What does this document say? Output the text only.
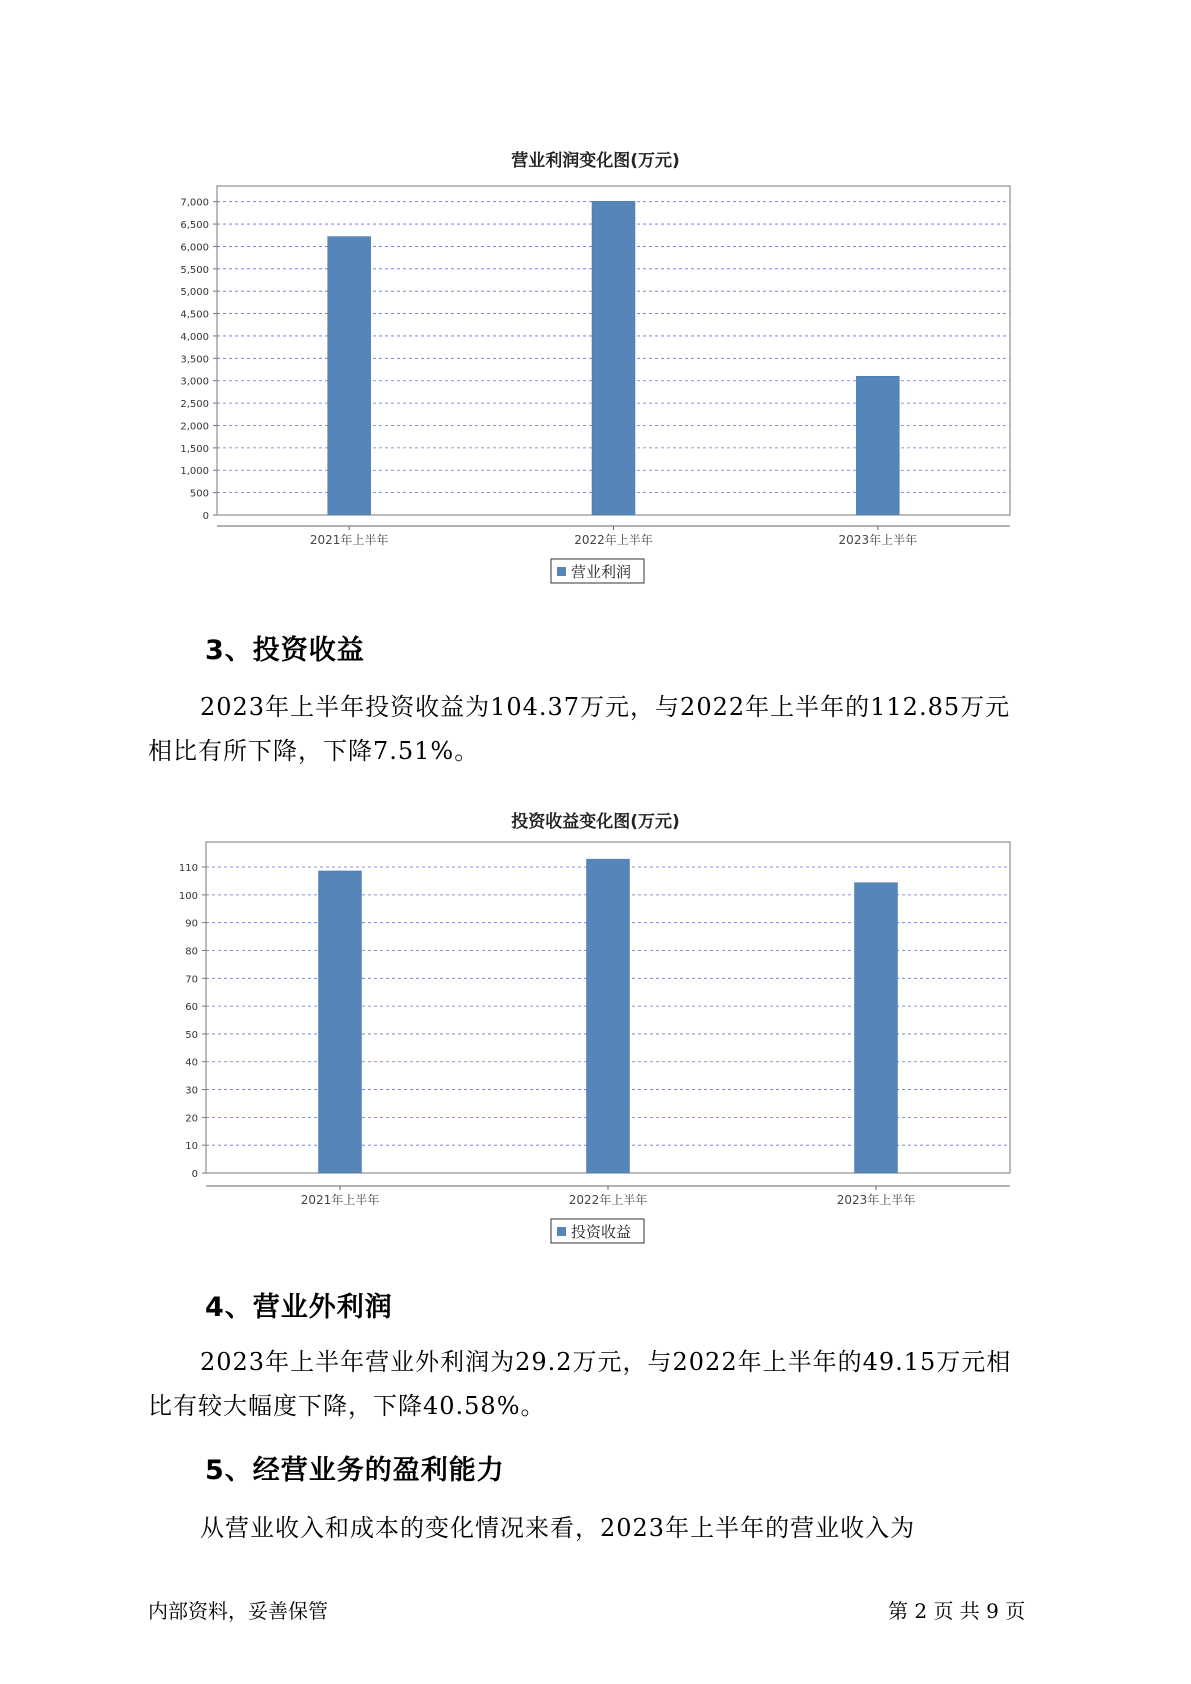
营业利润变化图(万元)
0
500
1,000
1,500
2,000
2,500
3,000
3,500
4,000
4,500
5,000
5,500
6,000
6,500
7,000
2021年上半年	2022年上半年	2023年上半年
营业利润
3、投资收益
2023年上半年投资收益为104.37万元，与2022年上半年的112.85万元
相比有所下降，下降7.51%。
投资收益变化图(万元)
0
10
20
30
40
50
60
70
80
90
100
110
2021年上半年	2022年上半年	2023年上半年
投资收益
4、营业外利润
2023年上半年营业外利润为29.2万元，与2022年上半年的49.15万元相
比有较大幅度下降，下降40.58%。
5、经营业务的盈利能力
从营业收入和成本的变化情况来看，2023年上半年的营业收入为
内部资料，妥善保管	第 2 页 共 9 页
